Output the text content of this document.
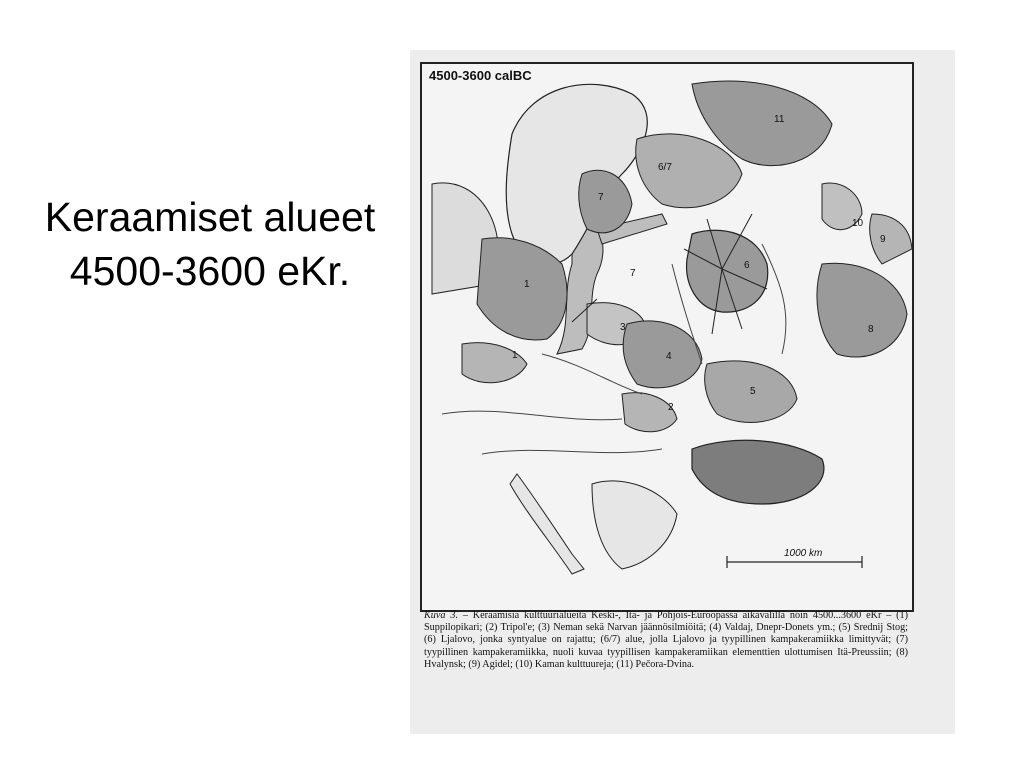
Keraamiset alueet 4500-3600 eKr.
4500-3600 calBC
11
6/7
7
10
9
1
7
6
3
4
8
1
5
2
1000 km
Kuva 3. – Keraamisia kulttuurialueita Keski-, Itä- ja Pohjois-Euroopassa aikavälillä noin 4500...3600 eKr – (1) Suppilopikari; (2) Tripol'e; (3) Neman sekä Narvan jäännösilmiöitä; (4) Valdaj, Dnepr-Donets ym.; (5) Srednij Stog; (6) Ljalovo, jonka syntyalue on rajattu; (6/7) alue, jolla Ljalovo ja tyypillinen kampakeramiikka limittyvät; (7) tyypillinen kampakeramiikka, nuoli kuvaa tyypillisen kampakeramiikan elementtien ulottumisen Itä-Preussiin; (8) Hvalynsk; (9) Agidel; (10) Kaman kulttuureja; (11) Pečora-Dvina.
